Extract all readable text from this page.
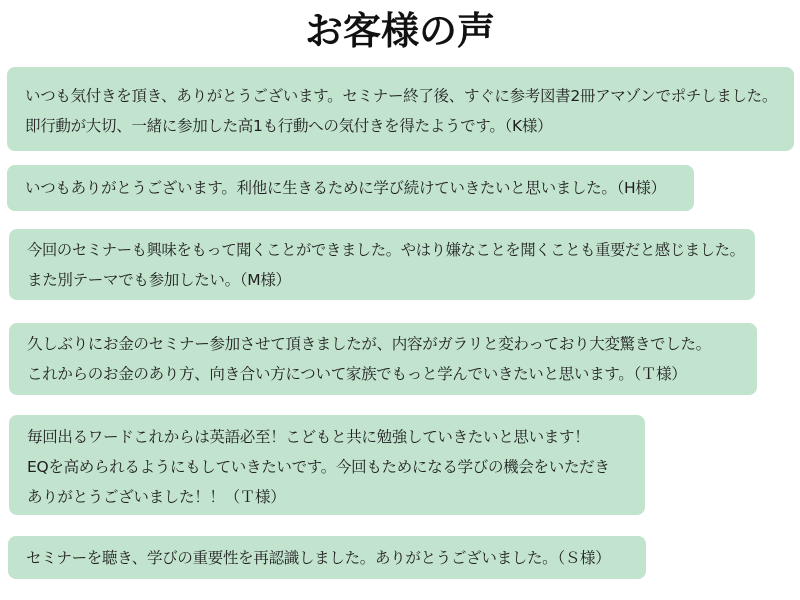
お客様の声
いつも気付きを頂き、ありがとうございます。セミナー終了後、すぐに参考図書2冊アマゾンでポチしました。
即行動が大切、一緒に参加した高1も行動への気付きを得たようです。（K様）
いつもありがとうございます。利他に生きるために学び続けていきたいと思いました。（H様）
今回のセミナーも興味をもって聞くことができました。やはり嫌なことを聞くことも重要だと感じました。
また別テーマでも参加したい。（M様）
久しぶりにお金のセミナー参加させて頂きましたが、内容がガラリと変わっており大変驚きでした。
これからのお金のあり方、向き合い方について家族でもっと学んでいきたいと思います。（Ｔ様）
毎回出るワードこれからは英語必至！こどもと共に勉強していきたいと思います！
EQを高められるようにもしていきたいです。今回もためになる学びの機会をいただき
ありがとうございました！！（Ｔ様）
セミナーを聴き、学びの重要性を再認識しました。ありがとうございました。（Ｓ様）
